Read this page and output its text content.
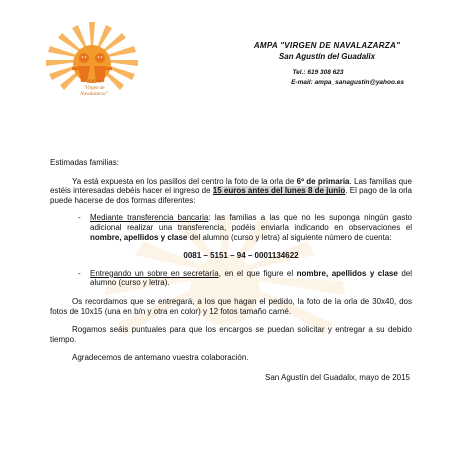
AMPA
"Virgen de Navalazarza"
AMPA "VIRGEN DE NAVALAZARZA"
San Agustín del Guadalix
Tel.: 619 308 623
E-mail: ampa_sanagustin@yahoo.es
Estimadas familias:
Ya está expuesta en los pasillos del centro la foto de la orla de 6º de primaria. Las familias que estéis interesadas debéis hacer el ingreso de 15 euros antes del lunes 8 de junio. El pago de la orla puede hacerse de dos formas diferentes:
- Mediante transferencia bancaria: las familias a las que no les suponga ningún gasto adicional realizar una transferencia, podéis enviarla indicando en observaciones el nombre, apellidos y clase del alumno (curso y letra) al siguiente número de cuenta:
0081 – 5151 – 94 – 0001134622
- Entregando un sobre en secretaría, en el que figure el nombre, apellidos y clase del alumno (curso y letra).
Os recordamos que se entregará, a los que hagan el pedido, la foto de la orla de 30x40, dos fotos de 10x15 (una en b/n y otra en color) y 12 fotos tamaño carné.
Rogamos seáis puntuales para que los encargos se puedan solicitar y entregar a su debido tiempo.
Agradecemos de antemano vuestra colaboración.
San Agustín del Guadalix, mayo de 2015
